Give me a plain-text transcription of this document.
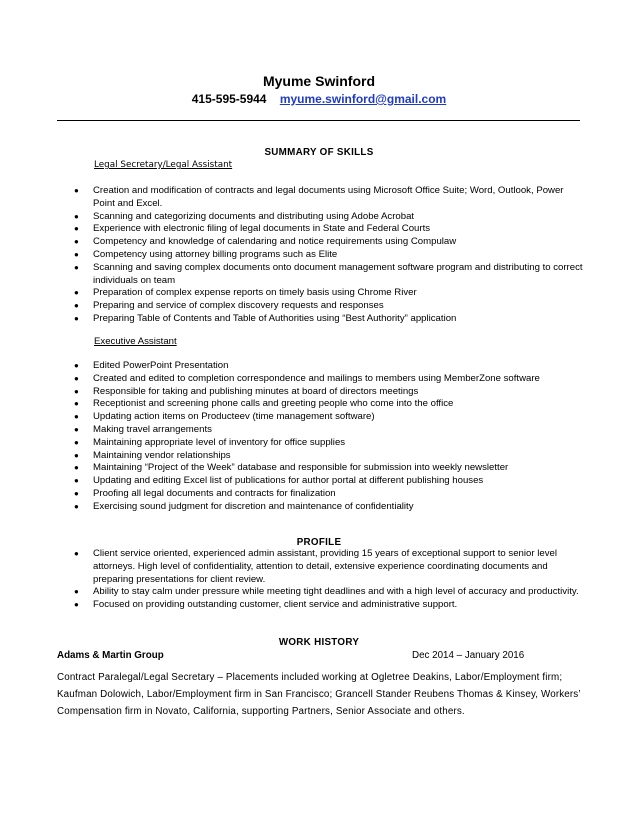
Myume Swinford
415-595-5944 myume.swinford@gmail.com
SUMMARY OF SKILLS
Legal Secretary/Legal Assistant
● Creation and modification of contracts and legal documents using Microsoft Office Suite; Word, Outlook, Power Point and Excel.
● Scanning and categorizing documents and distributing using Adobe Acrobat
● Experience with electronic filing of legal documents in State and Federal Courts
● Competency and knowledge of calendaring and notice requirements using Compulaw
● Competency using attorney billing programs such as Elite
● Scanning and saving complex documents onto document management software program and distributing to correct individuals on team
● Preparation of complex expense reports on timely basis using Chrome River
● Preparing and service of complex discovery requests and responses
● Preparing Table of Contents and Table of Authorities using “Best Authority” application
Executive Assistant
● Edited PowerPoint Presentation
● Created and edited to completion correspondence and mailings to members using MemberZone software
● Responsible for taking and publishing minutes at board of directors meetings
● Receptionist and screening phone calls and greeting people who come into the office
● Updating action items on Producteev (time management software)
● Making travel arrangements
● Maintaining appropriate level of inventory for office supplies
● Maintaining vendor relationships
● Maintaining “Project of the Week” database and responsible for submission into weekly newsletter
● Updating and editing Excel list of publications for author portal at different publishing houses
● Proofing all legal documents and contracts for finalization
● Exercising sound judgment for discretion and maintenance of confidentiality
PROFILE
● Client service oriented, experienced admin assistant, providing 15 years of exceptional support to senior level attorneys. High level of confidentiality, attention to detail, extensive experience coordinating documents and preparing presentations for client review.
● Ability to stay calm under pressure while meeting tight deadlines and with a high level of accuracy and productivity.
● Focused on providing outstanding customer, client service and administrative support.
WORK HISTORY
Adams & Martin Group	Dec 2014 – January 2016
Contract Paralegal/Legal Secretary – Placements included working at Ogletree Deakins, Labor/Employment firm; Kaufman Dolowich, Labor/Employment firm in San Francisco; Grancell Stander Reubens Thomas & Kinsey, Workers’ Compensation firm in Novato, California, supporting Partners, Senior Associate and others.
